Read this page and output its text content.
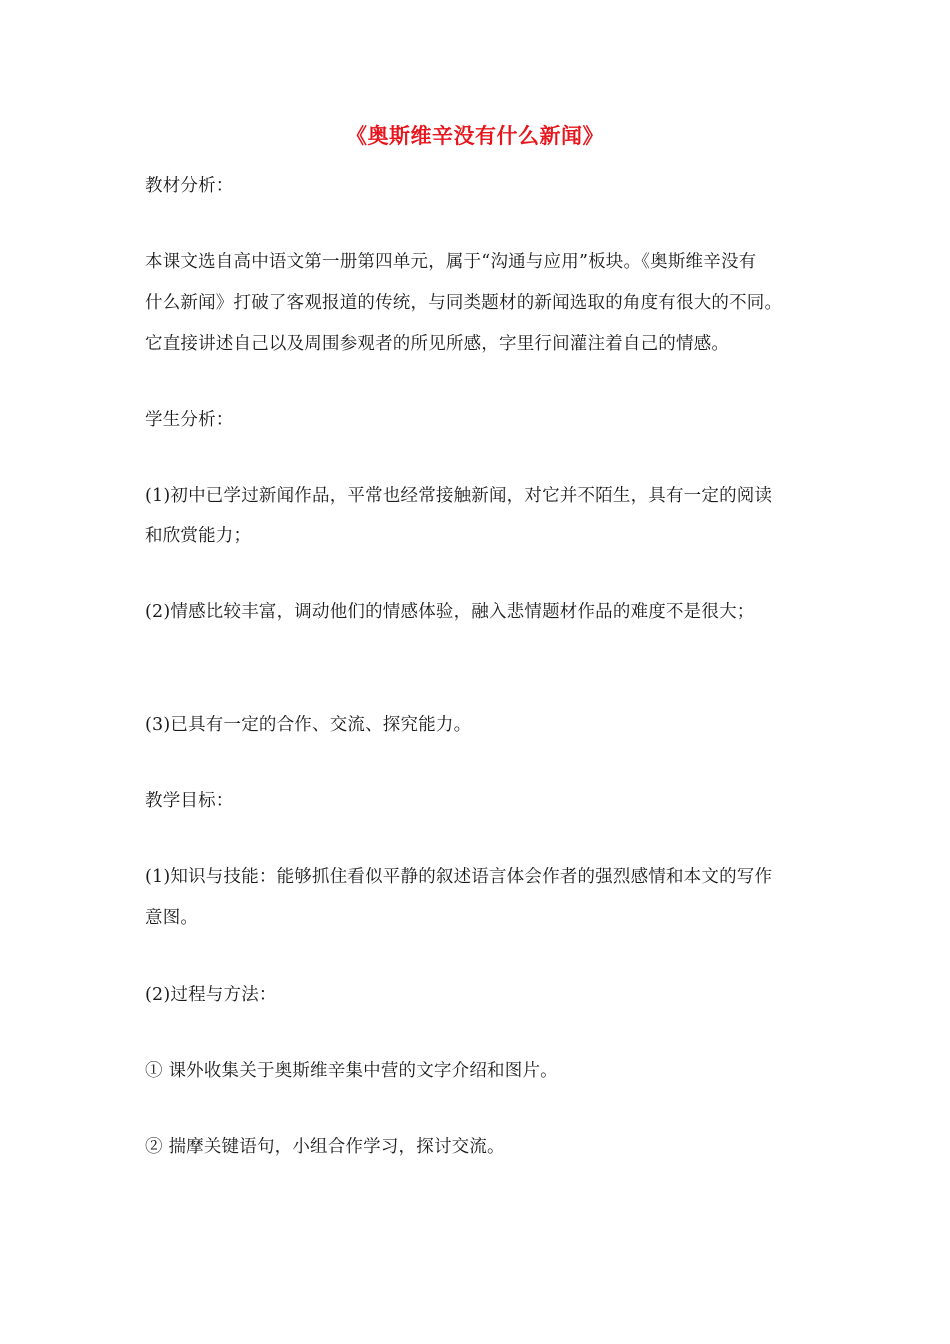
《奥斯维辛没有什么新闻》
教材分析：
本课文选自高中语文第一册第四单元，属于“沟通与应用”板块。《奥斯维辛没有
什么新闻》打破了客观报道的传统，与同类题材的新闻选取的角度有很大的不同。
它直接讲述自己以及周围参观者的所见所感，字里行间灌注着自己的情感。
学生分析：
(1)初中已学过新闻作品，平常也经常接触新闻，对它并不陌生，具有一定的阅读
和欣赏能力；
(2)情感比较丰富，调动他们的情感体验，融入悲情题材作品的难度不是很大；
(3)已具有一定的合作、交流、探究能力。
教学目标：
(1)知识与技能：能够抓住看似平静的叙述语言体会作者的强烈感情和本文的写作
意图。
(2)过程与方法：
① 课外收集关于奥斯维辛集中营的文字介绍和图片。
② 揣摩关键语句，小组合作学习，探讨交流。
